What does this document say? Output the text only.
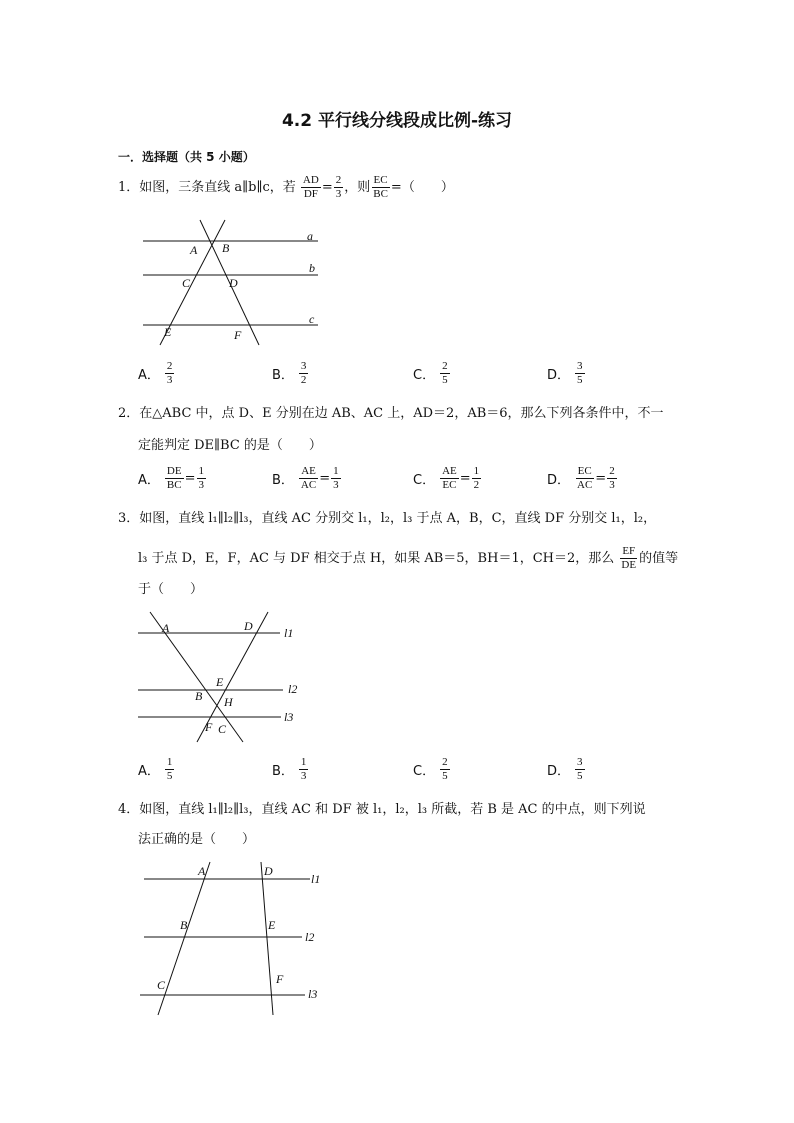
4.2 平行线分线段成比例-练习
一．选择题（共 5 小题）
1．如图，三条直线 a∥b∥c，若 $\frac{AD}{DF} = \frac{2}{3}$ ，则 $\frac{EC}{BC}$ =（　　）
A B
C	D
E	F
a
b
c
A	D
E
B H
F C
l1
l2
l3
A	D
B	E
C	F
l1
l2
l3
A． $\frac{2}{3}$	B． $\frac{3}{2}$	C． $\frac{2}{5}$	D． $\frac{3}{5}$
2．在△ABC 中，点 D、E 分别在边 AB、AC 上，AD＝2，AB＝6，那么下列各条件中，不一
定能判定 DE∥BC 的是（　　）
A． $\frac{DE}{BC} = \frac{1}{3}$	B． $\frac{AE}{AC} = \frac{1}{3}$	C． $\frac{AE}{EC} = \frac{1}{2}$	D． $\frac{EC}{AC} = \frac{2}{3}$
3．如图，直线 l₁∥l₂∥l₃，直线 AC 分别交 l₁，l₂，l₃ 于点 A，B，C，直线 DF 分别交 l₁，l₂，
l₃ 于点 D，E，F，AC 与 DF 相交于点 H，如果 AB＝5，BH＝1，CH＝2，那么 $\frac{EF}{DE}$ 的值等
于（　　）
A． $\frac{1}{5}$	B． $\frac{1}{3}$	C． $\frac{2}{5}$	D． $\frac{3}{5}$
4．如图，直线 l₁∥l₂∥l₃，直线 AC 和 DF 被 l₁，l₂，l₃ 所截，若 B 是 AC 的中点，则下列说
法正确的是（　　）
